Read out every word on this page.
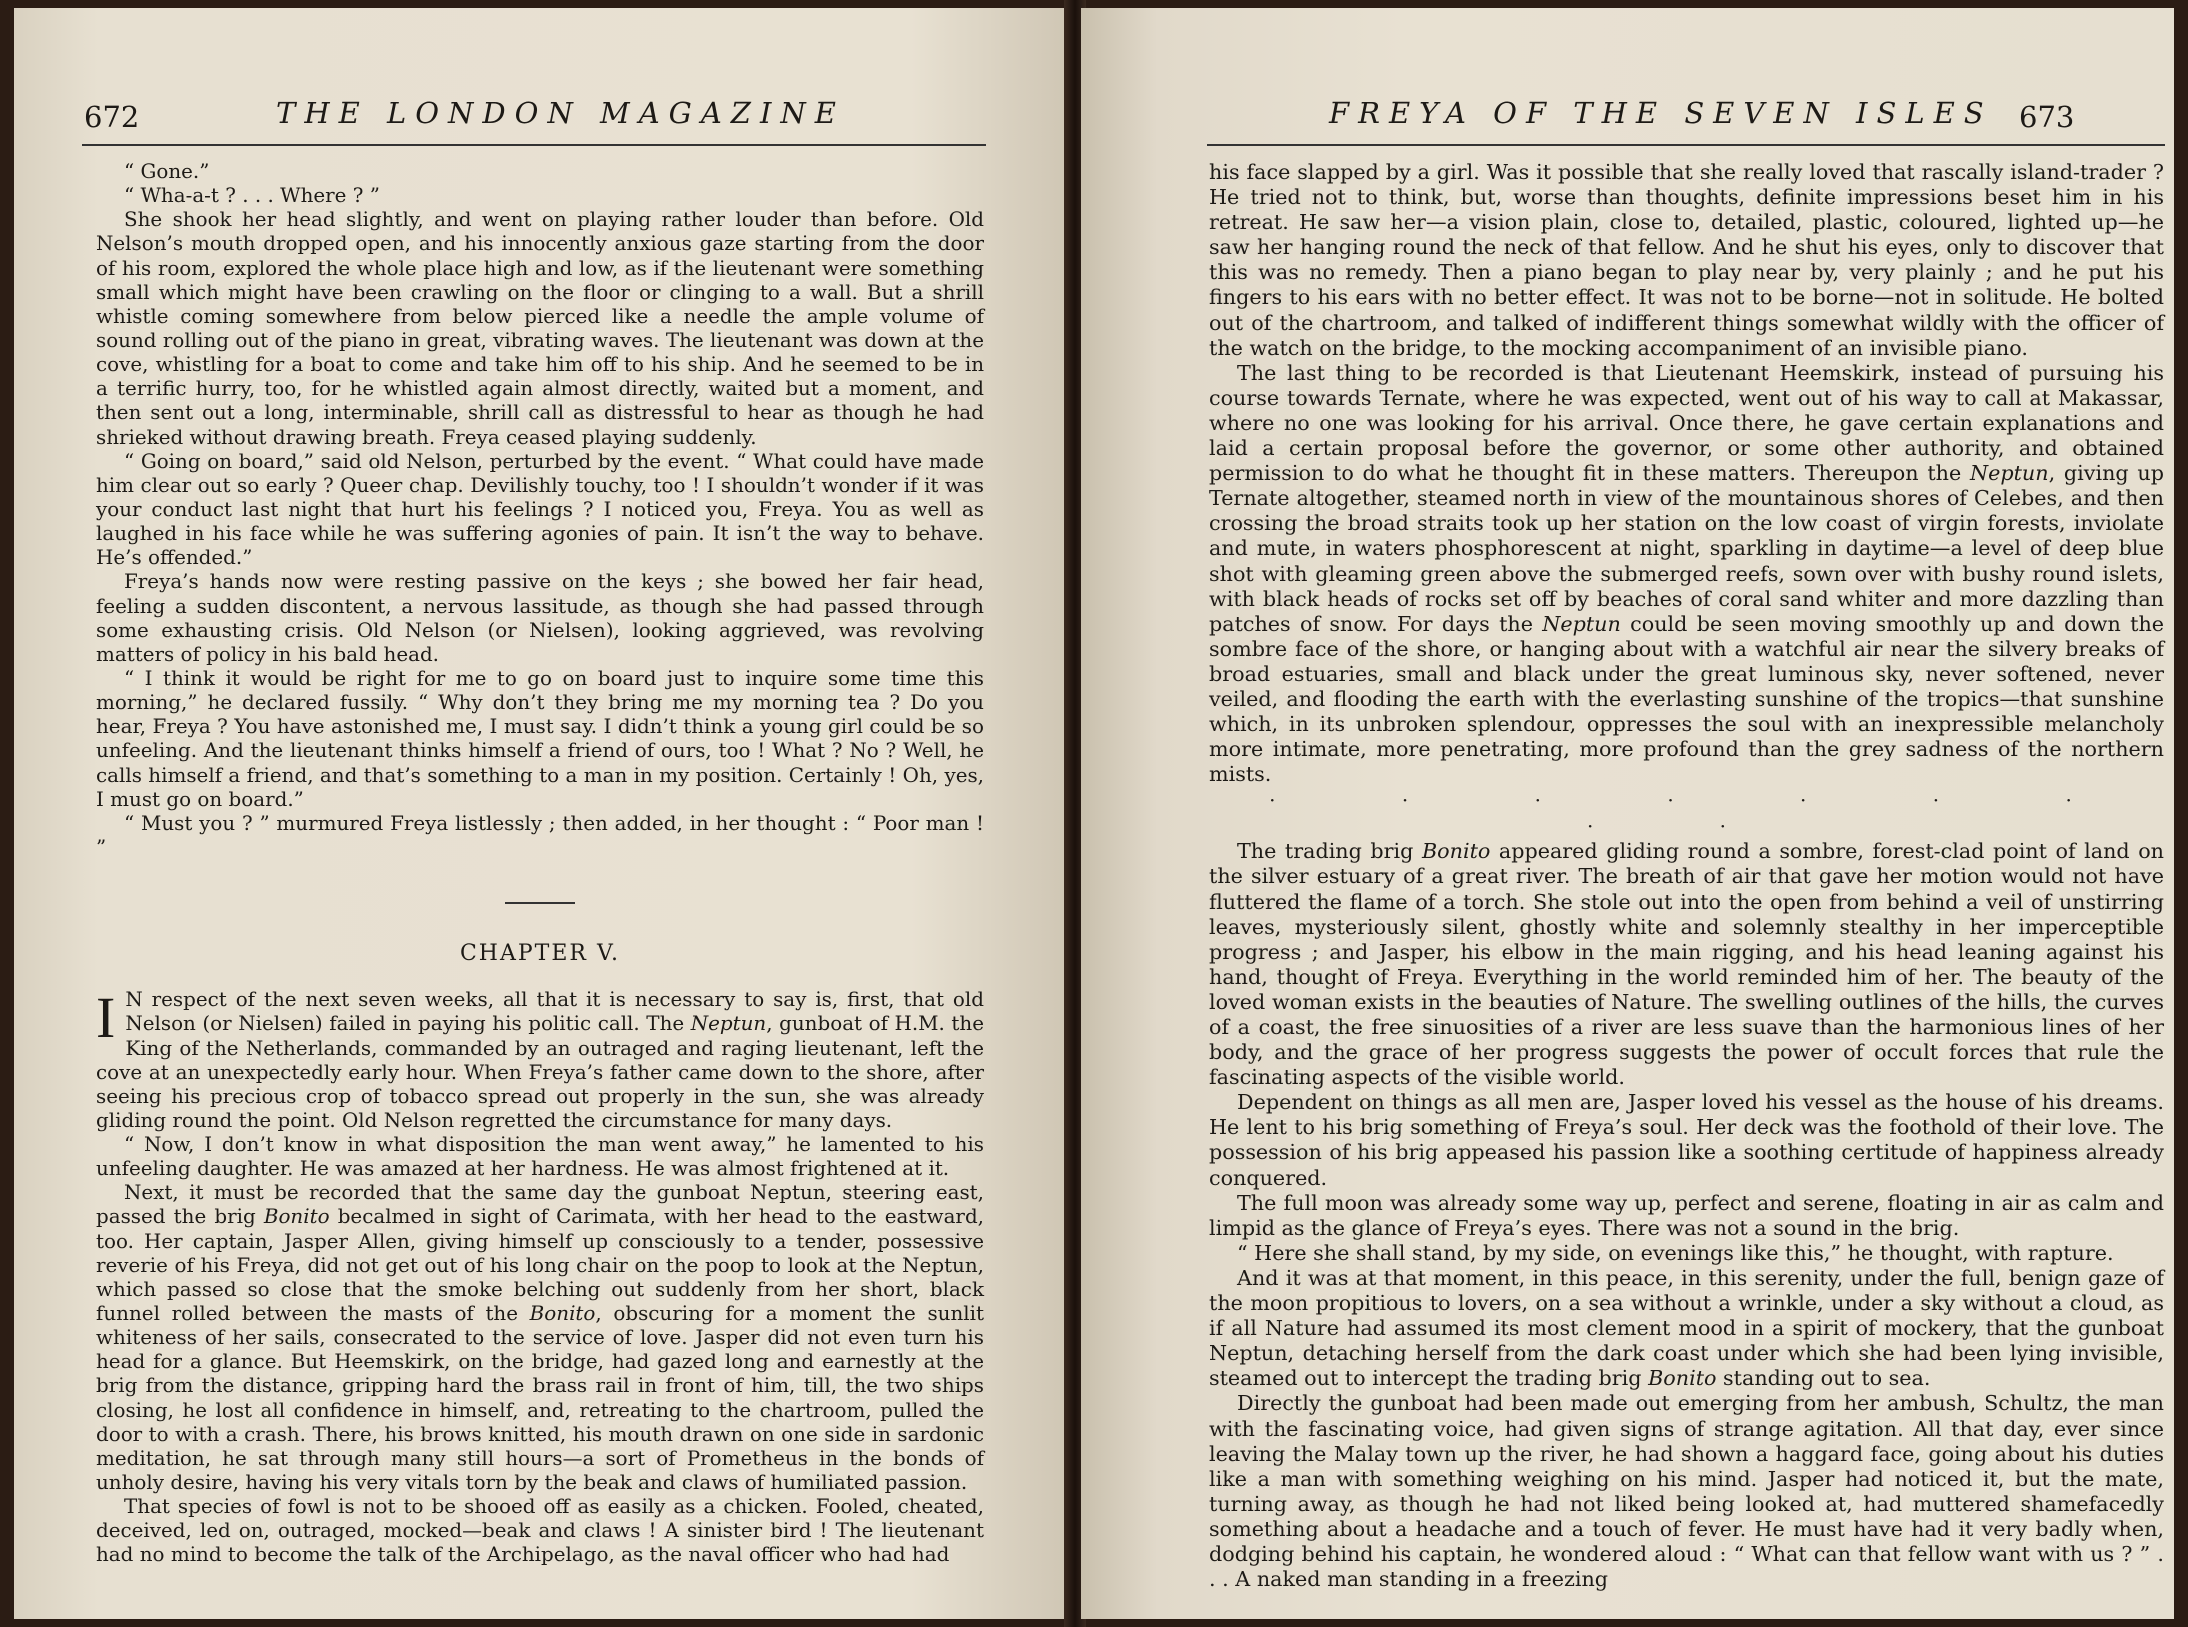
672	THE LONDON MAGAZINE

“ Gone.”

“ Wha-a-t ? . . . Where ? ”

She shook her head slightly, and went on playing rather louder than before. Old Nelson’s mouth dropped open, and his innocently anxious gaze starting from the door of his room, explored the whole place high and low, as if the lieutenant were something small which might have been crawling on the floor or clinging to a wall. But a shrill whistle coming somewhere from below pierced like a needle the ample volume of sound rolling out of the piano in great, vibrating waves. The lieutenant was down at the cove, whistling for a boat to come and take him off to his ship. And he seemed to be in a terrific hurry, too, for he whistled again almost directly, waited but a moment, and then sent out a long, interminable, shrill call as distressful to hear as though he had shrieked without drawing breath. Freya ceased playing suddenly.

“ Going on board,” said old Nelson, perturbed by the event. “ What could have made him clear out so early ? Queer chap. Devilishly touchy, too ! I shouldn’t wonder if it was your conduct last night that hurt his feelings ? I noticed you, Freya. You as well as laughed in his face while he was suffering agonies of pain. It isn’t the way to behave. He’s offended.”

Freya’s hands now were resting passive on the keys ; she bowed her fair head, feeling a sudden discontent, a nervous lassitude, as though she had passed through some exhausting crisis. Old Nelson (or Nielsen), looking aggrieved, was revolving matters of policy in his bald head.

“ I think it would be right for me to go on board just to inquire some time this morning,” he declared fussily. “ Why don’t they bring me my morning tea ? Do you hear, Freya ? You have astonished me, I must say. I didn’t think a young girl could be so unfeeling. And the lieutenant thinks himself a friend of ours, too ! What ? No ? Well, he calls himself a friend, and that’s something to a man in my position. Certainly ! Oh, yes, I must go on board.”

“ Must you ? ” murmured Freya listlessly ; then added, in her thought : “ Poor man ! ”

CHAPTER V.

I N respect of the next seven weeks, all that it is necessary to say is, first, that old Nelson (or Nielsen) failed in paying his politic call. The Neptun, gunboat of H.M. the King of the Netherlands, commanded by an outraged and raging lieutenant, left the cove at an unexpectedly early hour. When Freya’s father came down to the shore, after seeing his precious crop of tobacco spread out properly in the sun, she was already gliding round the point. Old Nelson regretted the circumstance for many days.

“ Now, I don’t know in what disposition the man went away,” he lamented to his unfeeling daughter. He was amazed at her hardness. He was almost frightened at it.

Next, it must be recorded that the same day the gunboat Neptun, steering east, passed the brig Bonito becalmed in sight of Carimata, with her head to the eastward, too. Her captain, Jasper Allen, giving himself up consciously to a tender, possessive reverie of his Freya, did not get out of his long chair on the poop to look at the Neptun, which passed so close that the smoke belching out suddenly from her short, black funnel rolled between the masts of the Bonito, obscuring for a moment the sunlit whiteness of her sails, consecrated to the service of love. Jasper did not even turn his head for a glance. But Heemskirk, on the bridge, had gazed long and earnestly at the brig from the distance, gripping hard the brass rail in front of him, till, the two ships closing, he lost all confidence in himself, and, retreating to the chartroom, pulled the door to with a crash. There, his brows knitted, his mouth drawn on one side in sardonic meditation, he sat through many still hours—a sort of Prometheus in the bonds of unholy desire, having his very vitals torn by the beak and claws of humiliated passion.

That species of fowl is not to be shooed off as easily as a chicken. Fooled, cheated, deceived, led on, outraged, mocked—beak and claws ! A sinister bird ! The lieutenant had no mind to become the talk of the Archipelago, as the naval officer who had had

FREYA OF THE SEVEN ISLES 673

his face slapped by a girl. Was it possible that she really loved that rascally island-trader ? He tried not to think, but, worse than thoughts, definite impressions beset him in his retreat. He saw her—a vision plain, close to, detailed, plastic, coloured, lighted up—he saw her hanging round the neck of that fellow. And he shut his eyes, only to discover that this was no remedy. Then a piano began to play near by, very plainly ; and he put his fingers to his ears with no better effect. It was not to be borne—not in solitude. He bolted out of the chartroom, and talked of indifferent things somewhat wildly with the officer of the watch on the bridge, to the mocking accompaniment of an invisible piano.

The last thing to be recorded is that Lieutenant Heemskirk, instead of pursuing his course towards Ternate, where he was expected, went out of his way to call at Makassar, where no one was looking for his arrival. Once there, he gave certain explanations and laid a certain proposal before the governor, or some other authority, and obtained permission to do what he thought fit in these matters. Thereupon the Neptun, giving up Ternate altogether, steamed north in view of the mountainous shores of Celebes, and then crossing the broad straits took up her station on the low coast of virgin forests, inviolate and mute, in waters phosphorescent at night, sparkling in daytime—a level of deep blue shot with gleaming green above the submerged reefs, sown over with bushy round islets, with black heads of rocks set off by beaches of coral sand whiter and more dazzling than patches of snow. For days the Neptun could be seen moving smoothly up and down the sombre face of the shore, or hanging about with a watchful air near the silvery breaks of broad estuaries, small and black under the great luminous sky, never softened, never veiled, and flooding the earth with the everlasting sunshine of the tropics—that sunshine which, in its unbroken splendour, oppresses the soul with an inexpressible melancholy more intimate, more penetrating, more profound than the grey sadness of the northern mists.

· · · · · · · · ·

The trading brig Bonito appeared gliding round a sombre, forest-clad point of land on the silver estuary of a great river. The breath of air that gave her motion would not have fluttered the flame of a torch. She stole out into the open from behind a veil of unstirring leaves, mysteriously silent, ghostly white and solemnly stealthy in her imperceptible progress ; and Jasper, his elbow in the main rigging, and his head leaning against his hand, thought of Freya. Everything in the world reminded him of her. The beauty of the loved woman exists in the beauties of Nature. The swelling outlines of the hills, the curves of a coast, the free sinuosities of a river are less suave than the harmonious lines of her body, and the grace of her progress suggests the power of occult forces that rule the fascinating aspects of the visible world.

Dependent on things as all men are, Jasper loved his vessel as the house of his dreams. He lent to his brig something of Freya’s soul. Her deck was the foothold of their love. The possession of his brig appeased his passion like a soothing certitude of happiness already conquered.

The full moon was already some way up, perfect and serene, floating in air as calm and limpid as the glance of Freya’s eyes. There was not a sound in the brig.

“ Here she shall stand, by my side, on evenings like this,” he thought, with rapture.

And it was at that moment, in this peace, in this serenity, under the full, benign gaze of the moon propitious to lovers, on a sea without a wrinkle, under a sky without a cloud, as if all Nature had assumed its most clement mood in a spirit of mockery, that the gunboat Neptun, detaching herself from the dark coast under which she had been lying invisible, steamed out to intercept the trading brig Bonito standing out to sea.

Directly the gunboat had been made out emerging from her ambush, Schultz, the man with the fascinating voice, had given signs of strange agitation. All that day, ever since leaving the Malay town up the river, he had shown a haggard face, going about his duties like a man with something weighing on his mind. Jasper had noticed it, but the mate, turning away, as though he had not liked being looked at, had muttered shamefacedly something about a headache and a touch of fever. He must have had it very badly when, dodging behind his captain, he wondered aloud : “ What can that fellow want with us ? ” . . . A naked man standing in a freezing
